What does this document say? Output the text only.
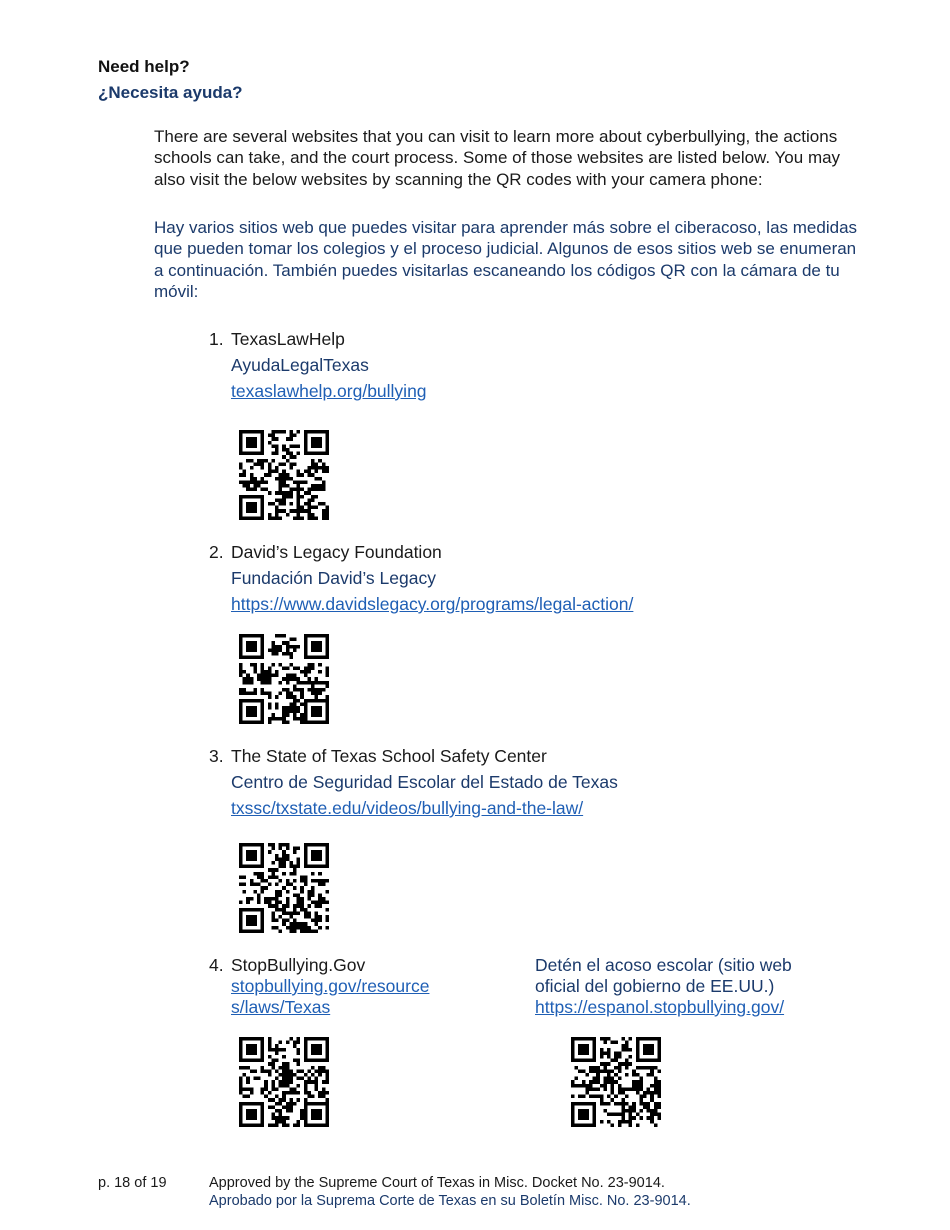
Need help?
¿Necesita ayuda?
There are several websites that you can visit to learn more about cyberbullying, the actions schools can take, and the court process. Some of those websites are listed below. You may also visit the below websites by scanning the QR codes with your camera phone:
Hay varios sitios web que puedes visitar para aprender más sobre el ciberacoso, las medidas que pueden tomar los colegios y el proceso judicial. Algunos de esos sitios web se enumeran a continuación. También puedes visitarlas escaneando los códigos QR con la cámara de tu móvil:
1. TexasLawHelp
AyudaLegalTexas
texaslawhelp.org/bullying
2. David’s Legacy Foundation
Fundación David’s Legacy
https://www.davidslegacy.org/programs/legal-action/
3. The State of Texas School Safety Center
Centro de Seguridad Escolar del Estado de Texas
txssc/txstate.edu/videos/bullying-and-the-law/
4. StopBullying.Gov
stopbullying.gov/resource
s/laws/Texas
Detén el acoso escolar (sitio web
oficial del gobierno de EE.UU.)
https://espanol.stopbullying.gov/
p. 18 of 19	Approved by the Supreme Court of Texas in Misc. Docket No. 23-9014.
Aprobado por la Suprema Corte de Texas en su Boletín Misc. No. 23-9014.
